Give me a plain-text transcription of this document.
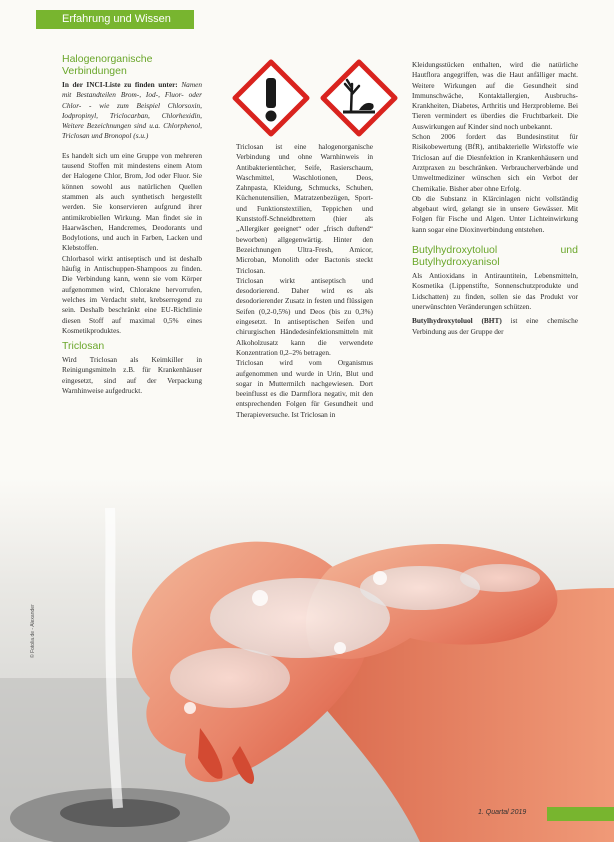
Erfahrung und Wissen
Halogenorganische Verbindungen

In der INCI-Liste zu finden unter: Namen mit Bestandteilen Brom-, Iod-, Fluor- oder Chlor- - wie zum Beispiel Chlorsoxin, Iodpropinyl, Triclocarban, Chlorhexidin, Weitere Bezeichnungen sind u.a. Chlorphenol, Triclosan und Bronopol (s.u.)

Es handelt sich um eine Gruppe von mehreren tausend Stoffen mit mindestens einem Atom der Halogene Chlor, Brom, Jod oder Fluor. Sie können sowohl aus natürlichen Quellen stammen als auch synthetisch hergestellt werden. Sie konservieren aufgrund ihrer antimikrobiellen Wirkung. Man findet sie in Haarwäschen, Handcremes, Deodorants und Bodylotions, und auch in Farben, Lacken und Klebstoffen.

Chlorbasol wirkt antiseptisch und ist deshalb häufig in Antischuppen-Shampoos zu finden. Die Verbindung kann, wenn sie vom Körper aufgenommen wird, Chlorakne hervorrufen, welches im Verdacht steht, krebserregend zu sein. Deshalb beschränkt eine EU-Richtlinie diesen Stoff auf maximal 0,5% eines Kosmetikproduktes.

Triclosan

Wird Triclosan als Keimkiller in Reinigungsmitteln z.B. für Krankenhäuser eingesetzt, sind auf der Verpackung Warnhinweise aufgedruckt.

Triclosan ist eine halogenorganische Verbindung und ohne Warnhinweis in Antibakterientücher, Seife, Rasierschaum, Waschmittel, Waschlotionen, Deos, Zahnpasta, Kleidung, Schmucks, Schuhen, Küchenutensilien, Matratzenbezügen, Sport- und Funktionstextilien, Teppichen und Kunststoff-Schneidbrettern (hier als „Allergiker geeignet“ oder „frisch duftend“ beworben) allgegenwärtig. Hinter den Bezeichnungen Ultra-Fresh, Amicor, Microban, Monolith oder Bactonis steckt Triclosan.

Triclosan wirkt antiseptisch und desodorierend. Daher wird es als desodorierender Zusatz in festen und flüssigen Seifen (0,2-0,5%) und Deos (bis zu 0,3%) eingesetzt. In antiseptischen Seifen und chirurgischen Händedesinfektionsmitteln mit Alkoholzusatz kann die verwendete Konzentration 0,2–2% betragen.

Triclosan wird vom Organismus aufgenommen und wurde in Urin, Blut und sogar in Muttermilch nachgewiesen. Dort beeinflusst es die Darmflora negativ, mit den entsprechenden Folgen für Gesundheit und Therapieversuche. Ist Triclosan in

Kleidungsstücken enthalten, wird die natürliche Hautflora angegriffen, was die Haut anfälliger macht. Weitere Wirkungen auf die Gesundheit sind Immunschwäche, Kontaktallergien, Ausbruchs-Krankheiten, Diabetes, Arthritis und Herzprobleme. Bei Tieren vermindert es überdies die Fruchtbarkeit. Die Auswirkungen auf Kinder sind noch unbekannt.

Schon 2006 fordert das Bundesinstitut für Risikobewertung (BfR), antibakterielle Wirkstoffe wie Triclosan auf die Diesnfektion in Krankenhäusern und Arztpraxen zu beschränken. Verbraucherverbände und Umweltmediziner wünschen sich ein Verbot der Chemikalie. Bisher aber ohne Erfolg.

Ob die Substanz in Klärcinlagen nicht vollständig abgebaut wird, gelangt sie in unsere Gewässer. Mit Folgen für Fische und Algen. Unter Lichteinwirkung kann sogar eine Dioxinverbindung entstehen.

Butylhydroxytoluol und Butylhydroxyanisol

Als Antioxidans in Antirauntitein, Lebensmitteln, Kosmetika (Lippenstifte, Sonnenschutzprodukte und Lidschatten) zu finden, sollen sie das Produkt vor unerwünschten Veränderungen schützen.

Butylhydroxytoluol (BHT) ist eine chemische Verbindung aus der Gruppe der

© Fotolia.de - Alexander
1. Quartal 2019
